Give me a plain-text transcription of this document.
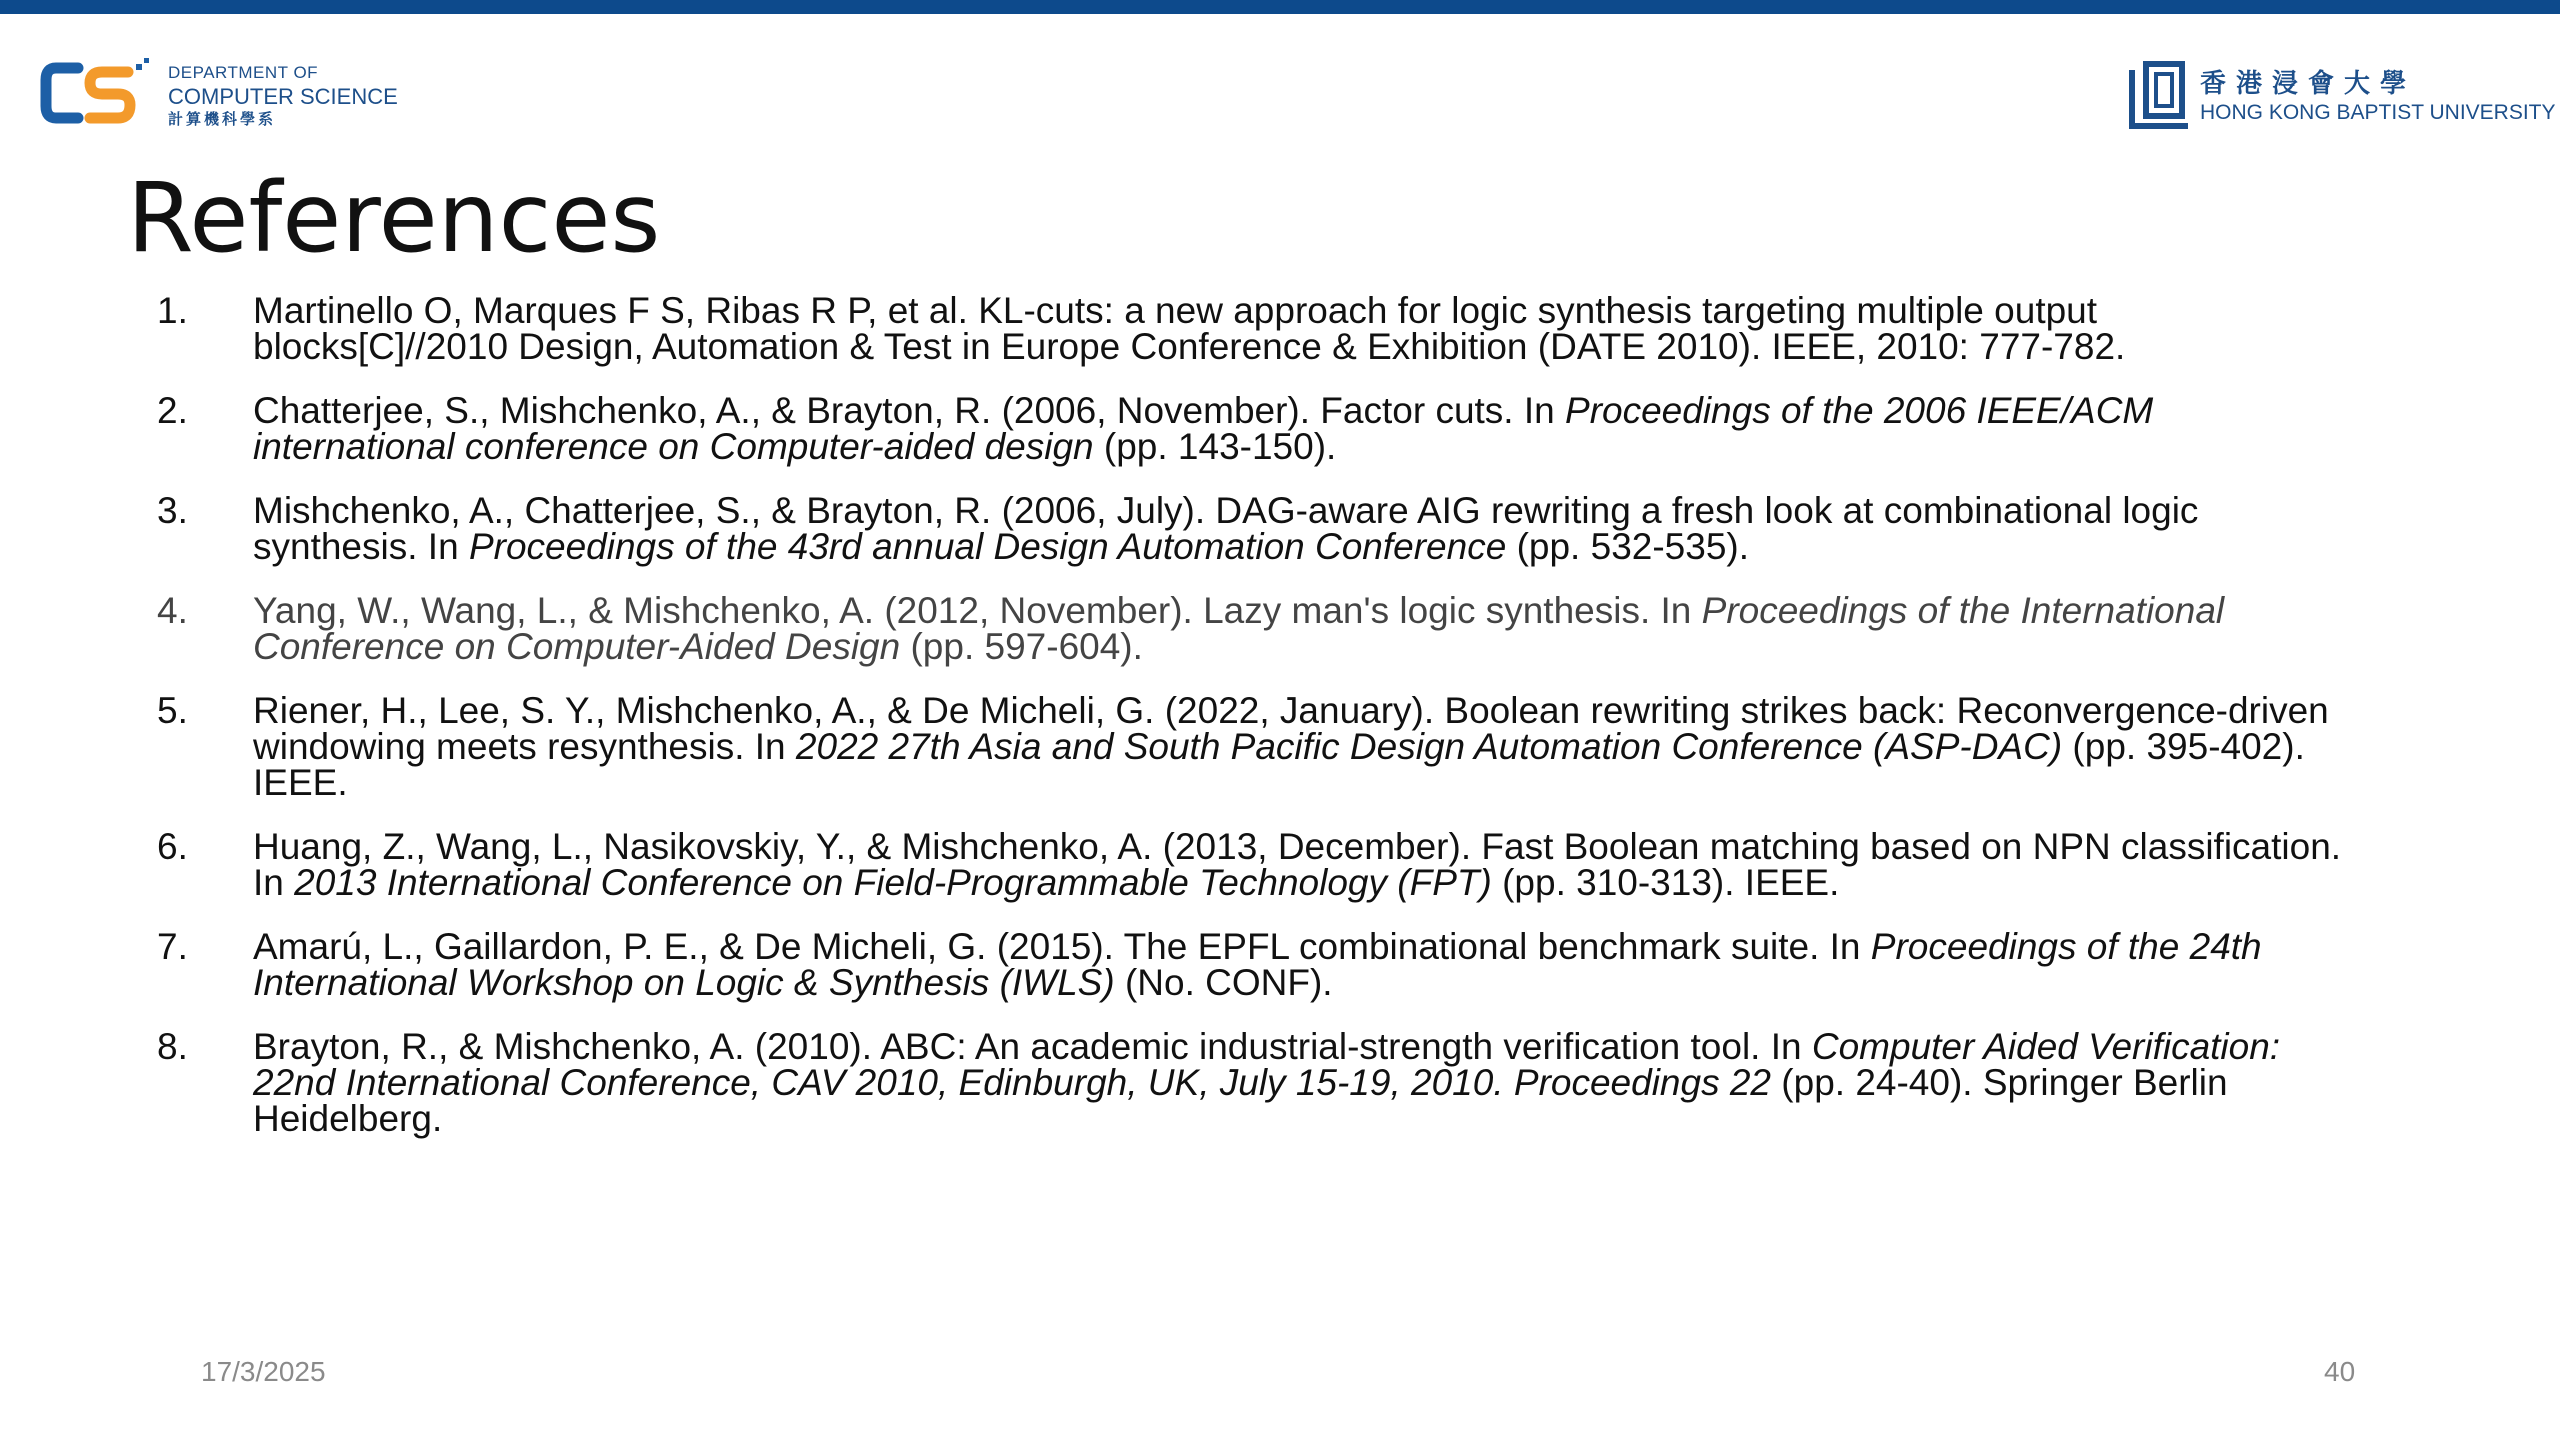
DEPARTMENT OF
COMPUTER SCIENCE
計算機科學系
香港浸會大學
HONG KONG BAPTIST UNIVERSITY
References
1. Martinello O, Marques F S, Ribas R P, et al. KL-cuts: a new approach for logic synthesis targeting multiple output blocks[C]//2010 Design, Automation & Test in Europe Conference & Exhibition (DATE 2010). IEEE, 2010: 777-782.
2. Chatterjee, S., Mishchenko, A., & Brayton, R. (2006, November). Factor cuts. In Proceedings of the 2006 IEEE/ACM international conference on Computer-aided design (pp. 143-150).
3. Mishchenko, A., Chatterjee, S., & Brayton, R. (2006, July). DAG-aware AIG rewriting a fresh look at combinational logic synthesis. In Proceedings of the 43rd annual Design Automation Conference (pp. 532-535).
4. Yang, W., Wang, L., & Mishchenko, A. (2012, November). Lazy man's logic synthesis. In Proceedings of the International Conference on Computer-Aided Design (pp. 597-604).
5. Riener, H., Lee, S. Y., Mishchenko, A., & De Micheli, G. (2022, January). Boolean rewriting strikes back: Reconvergence-driven windowing meets resynthesis. In 2022 27th Asia and South Pacific Design Automation Conference (ASP-DAC) (pp. 395-402). IEEE.
6. Huang, Z., Wang, L., Nasikovskiy, Y., & Mishchenko, A. (2013, December). Fast Boolean matching based on NPN classification. In 2013 International Conference on Field-Programmable Technology (FPT) (pp. 310-313). IEEE.
7. Amarú, L., Gaillardon, P. E., & De Micheli, G. (2015). The EPFL combinational benchmark suite. In Proceedings of the 24th International Workshop on Logic & Synthesis (IWLS) (No. CONF).
8. Brayton, R., & Mishchenko, A. (2010). ABC: An academic industrial-strength verification tool. In Computer Aided Verification: 22nd International Conference, CAV 2010, Edinburgh, UK, July 15-19, 2010. Proceedings 22 (pp. 24-40). Springer Berlin Heidelberg.
17/3/2025	40
